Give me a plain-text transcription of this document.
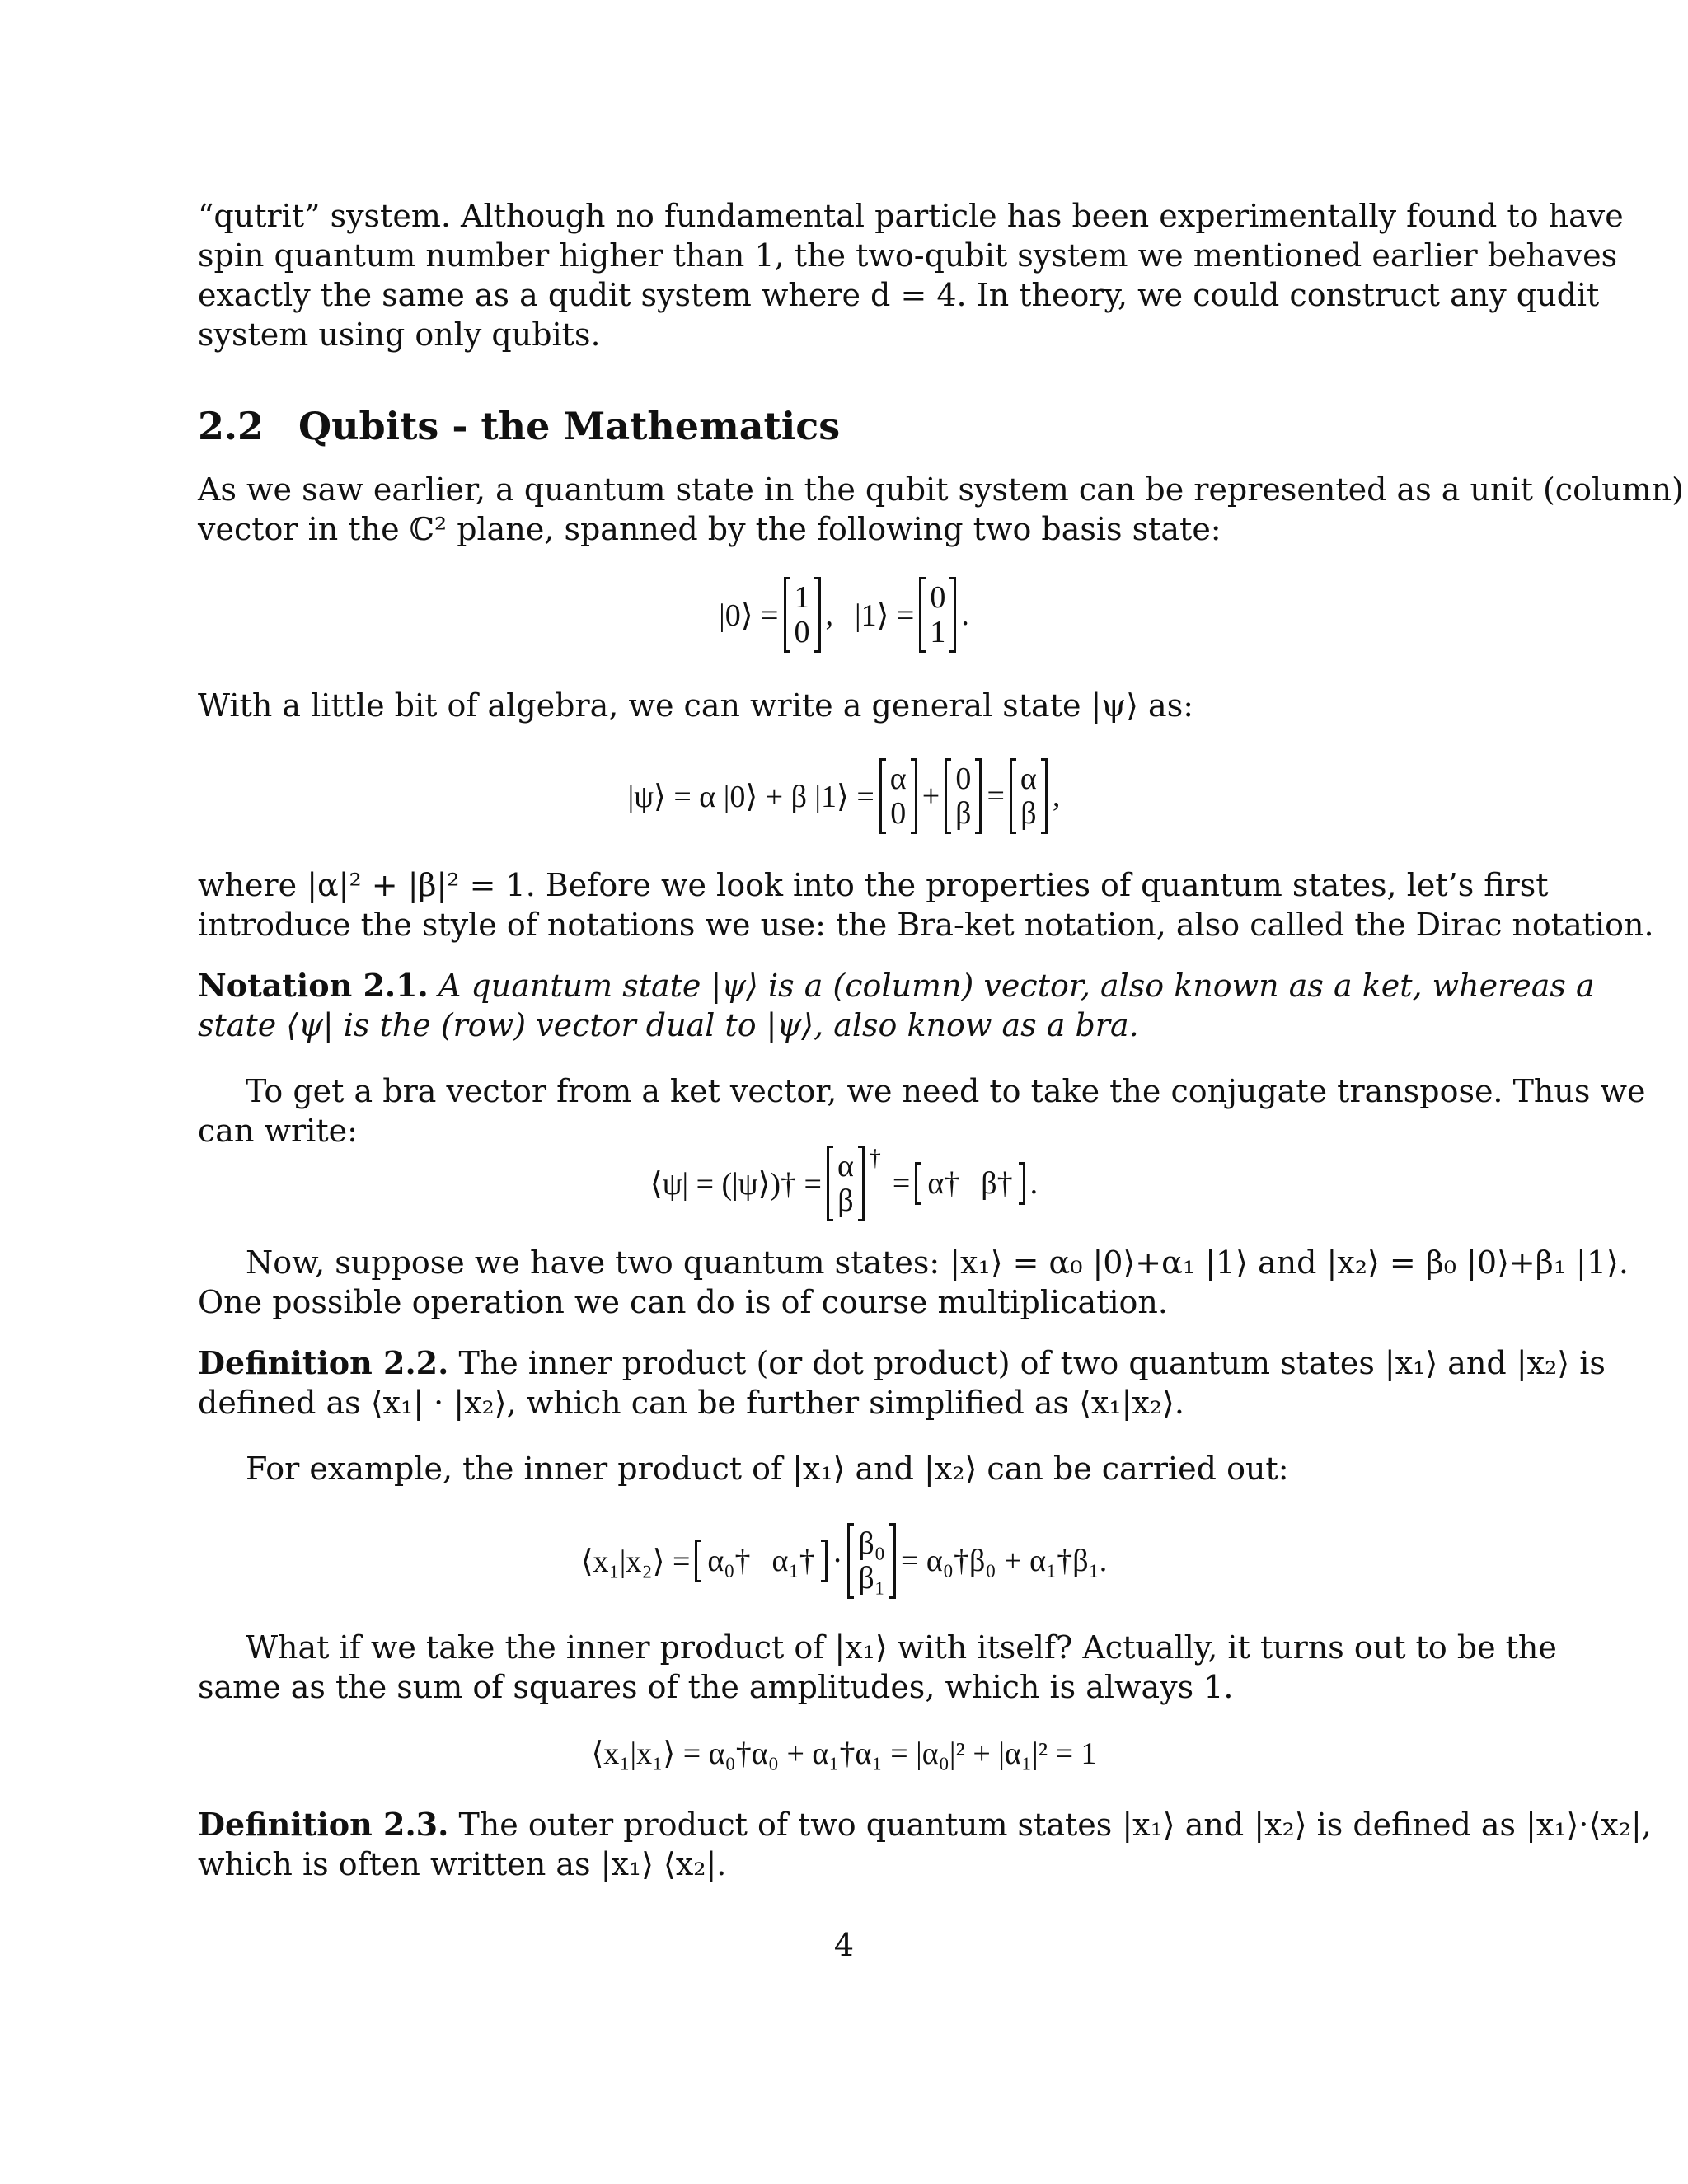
“qutrit” system. Although no fundamental particle has been experimentally found to have
spin quantum number higher than 1, the two-qubit system we mentioned earlier behaves
exactly the same as a qudit system where d = 4. In theory, we could construct any qudit
system using only qubits.

2.2 Qubits - the Mathematics

As we saw earlier, a quantum state in the qubit system can be represented as a unit (column)
vector in the ℂ² plane, spanned by the following two basis state:

|0⟩ =
1
0 , |1⟩ =
0
1 .

With a little bit of algebra, we can write a general state |ψ⟩ as:

|ψ⟩ = α |0⟩ + β |1⟩ =
α
0 + 0
β = α
β ,

where |α|² + |β|² = 1. Before we look into the properties of quantum states, let’s first
introduce the style of notations we use: the Bra-ket notation, also called the Dirac notation.

Notation 2.1. A quantum state |ψ⟩ is a (column) vector, also known as a ket, whereas a
state ⟨ψ| is the (row) vector dual to |ψ⟩, also know as a bra.

To get a bra vector from a ket vector, we need to take the conjugate transpose. Thus we
can write:

⟨ψ| = (|ψ⟩)† =
α
β
†
= α† β† .

Now, suppose we have two quantum states: |x₁⟩ = α₀ |0⟩+α₁ |1⟩ and |x₂⟩ = β₀ |0⟩+β₁ |1⟩.
One possible operation we can do is of course multiplication.

Definition 2.2. The inner product (or dot product) of two quantum states |x₁⟩ and |x₂⟩ is
defined as ⟨x₁| · |x₂⟩, which can be further simplified as ⟨x₁|x₂⟩.

For example, the inner product of |x₁⟩ and |x₂⟩ can be carried out:

⟨x₁|x₂⟩ = α₀† α₁† · β₀
β₁ = α₀†β₀ + α₁†β₁.

What if we take the inner product of |x₁⟩ with itself? Actually, it turns out to be the
same as the sum of squares of the amplitudes, which is always 1.

⟨x₁|x₁⟩ = α₀†α₀ + α₁†α₁ = |α₀|² + |α₁|² = 1

Definition 2.3. The outer product of two quantum states |x₁⟩ and |x₂⟩ is defined as |x₁⟩·⟨x₂|,
which is often written as |x₁⟩ ⟨x₂|.

4
